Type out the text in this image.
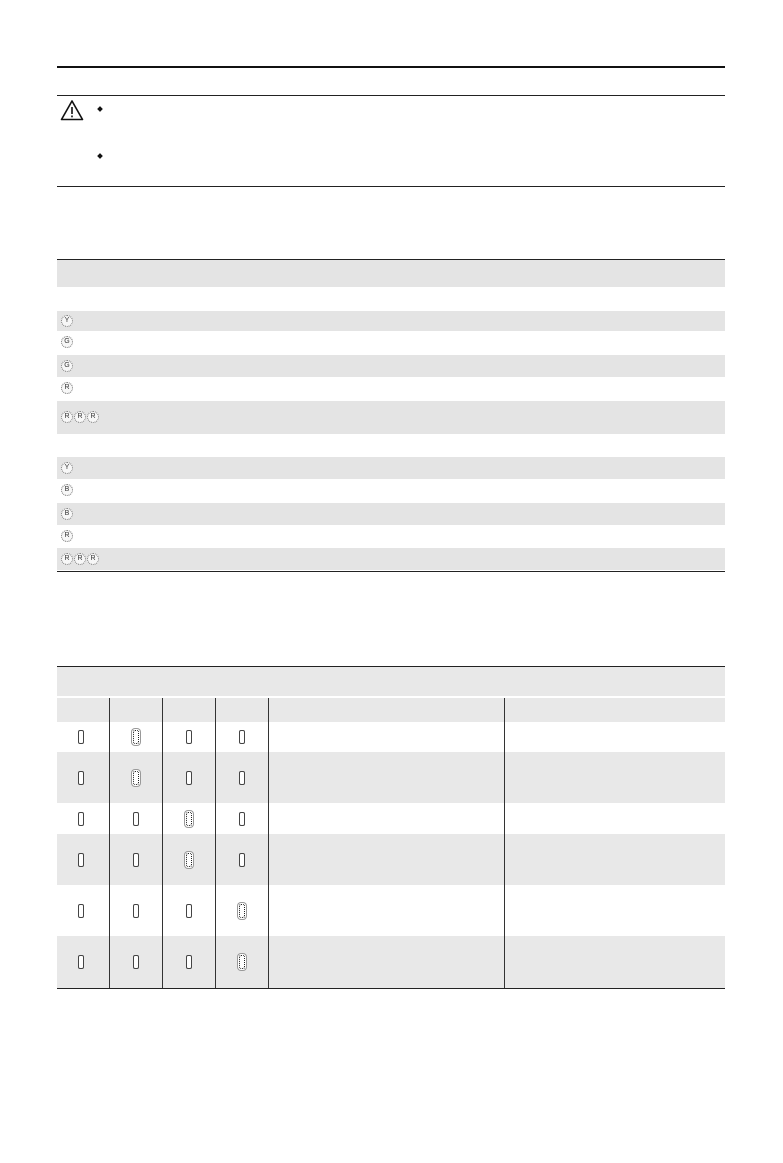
Y
G
G
R
R R R
Y
B
B
R
R R R
